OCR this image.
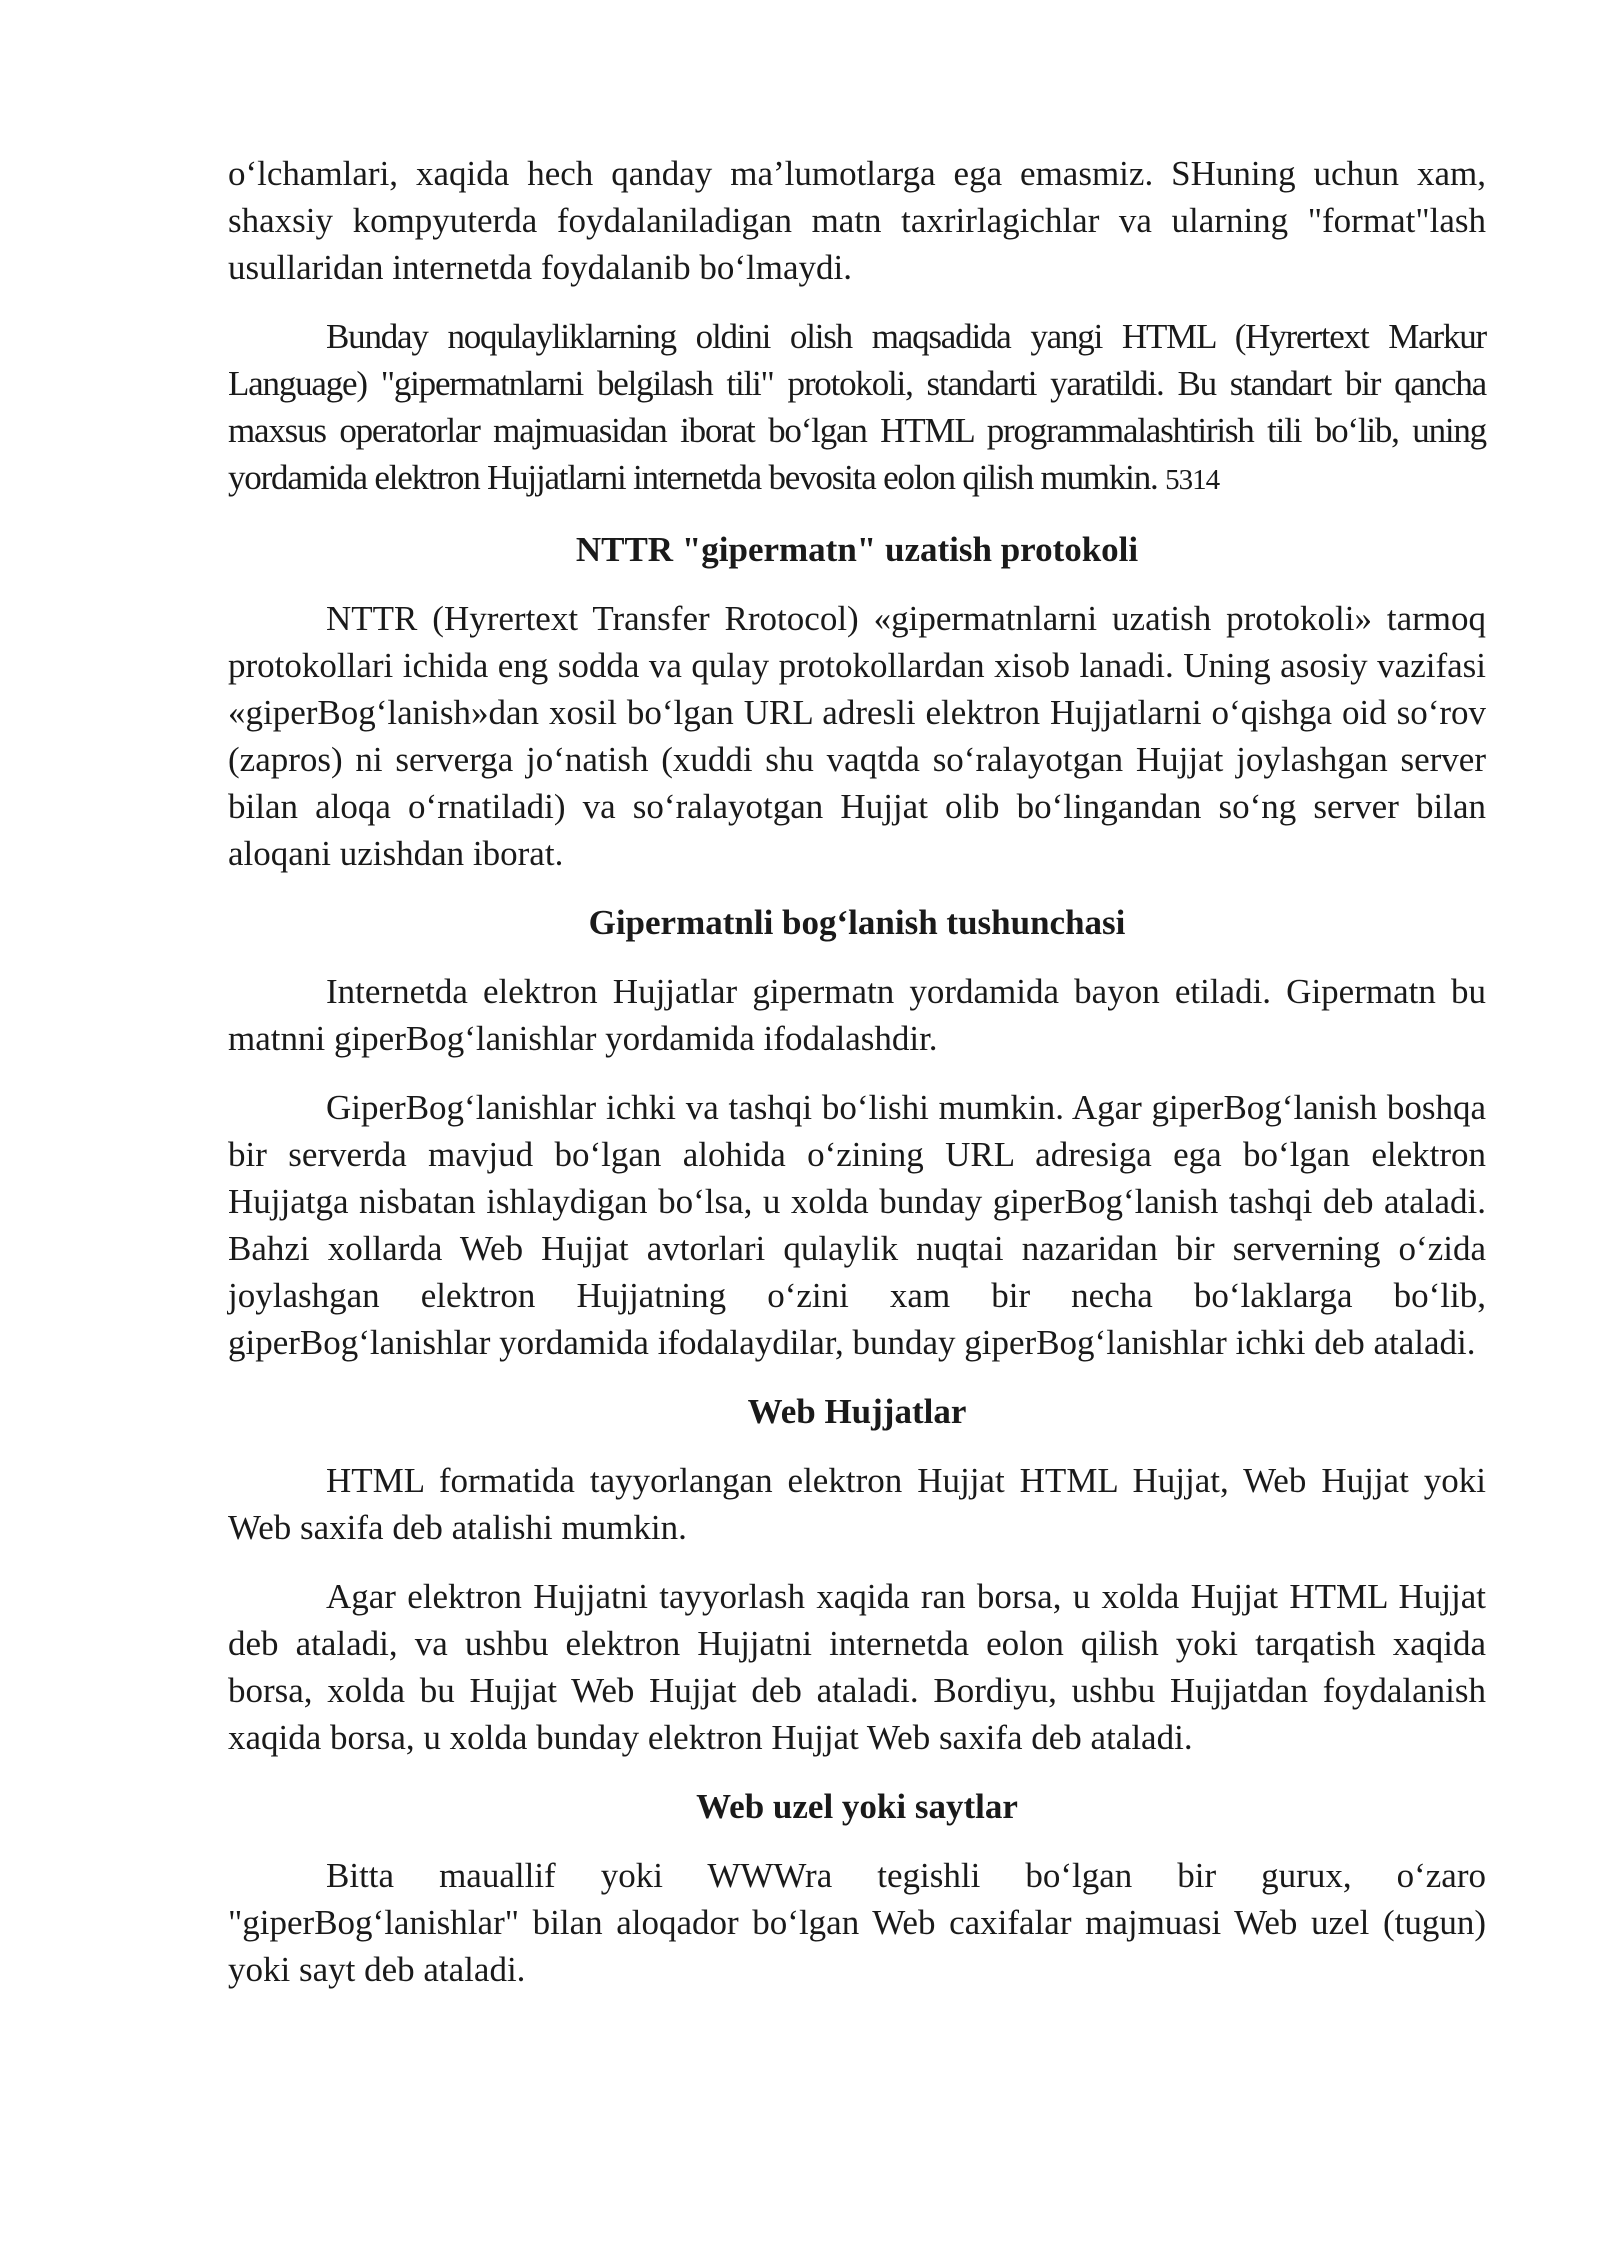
o‘lchamlari, xaqida hech qanday ma’lumotlarga ega emasmiz. SHuning uchun xam, shaxsiy kompyuterda foydalaniladigan matn taxrirlagichlar va ularning "format"lash usullaridan internetda foydalanib bo‘lmaydi.

Bunday noqulayliklarning oldini olish maqsadida yangi HTML (Hyrertext Markur Language) "gipermatnlarni belgilash tili" protokoli, standarti yaratildi. Bu standart bir qancha maxsus operatorlar majmuasidan iborat bo‘lgan HTML programmalashtirish tili bo‘lib, uning yordamida elektron Hujjatlarni internetda bevosita eolon qilish mumkin. 5314

NTTR "gipermatn" uzatish protokoli

NTTR (Hyrertext Transfer Rrotocol) «gipermatnlarni uzatish protokoli» tarmoq protokollari ichida eng sodda va qulay protokollardan xisob lanadi. Uning asosiy vazifasi «giperBog‘lanish»dan xosil bo‘lgan URL adresli elektron Hujjatlarni o‘qishga oid so‘rov (zapros) ni serverga jo‘natish (xuddi shu vaqtda so‘ralayotgan Hujjat joylashgan server bilan aloqa o‘rnatiladi) va so‘ralayotgan Hujjat olib bo‘lingandan so‘ng server bilan aloqani uzishdan iborat.

Gipermatnli bog‘lanish tushunchasi

Internetda elektron Hujjatlar gipermatn yordamida bayon etiladi. Gipermatn bu matnni giperBog‘lanishlar yordamida ifodalashdir.

GiperBog‘lanishlar ichki va tashqi bo‘lishi mumkin. Agar giperBog‘lanish boshqa bir serverda mavjud bo‘lgan alohida o‘zining URL adresiga ega bo‘lgan elektron Hujjatga nisbatan ishlaydigan bo‘lsa, u xolda bunday giperBog‘lanish tashqi deb ataladi. Bahzi xollarda Web Hujjat avtorlari qulaylik nuqtai nazaridan bir serverning o‘zida joylashgan elektron Hujjatning o‘zini xam bir necha bo‘laklarga bo‘lib, giperBog‘lanishlar yordamida ifodalaydilar, bunday giperBog‘lanishlar ichki deb ataladi.

Web Hujjatlar

HTML formatida tayyorlangan elektron Hujjat HTML Hujjat, Web Hujjat yoki Web saxifa deb atalishi mumkin.

Agar elektron Hujjatni tayyorlash xaqida ran borsa, u xolda Hujjat HTML Hujjat deb ataladi, va ushbu elektron Hujjatni internetda eolon qilish yoki tarqatish xaqida borsa, xolda bu Hujjat Web Hujjat deb ataladi. Bordiyu, ushbu Hujjatdan foydalanish xaqida borsa, u xolda bunday elektron Hujjat Web saxifa deb ataladi.

Web uzel yoki saytlar

Bitta mauallif yoki WWWra tegishli bo‘lgan bir gurux, o‘zaro "giperBog‘lanishlar" bilan aloqador bo‘lgan Web caxifalar majmuasi Web uzel (tugun) yoki sayt deb ataladi.
